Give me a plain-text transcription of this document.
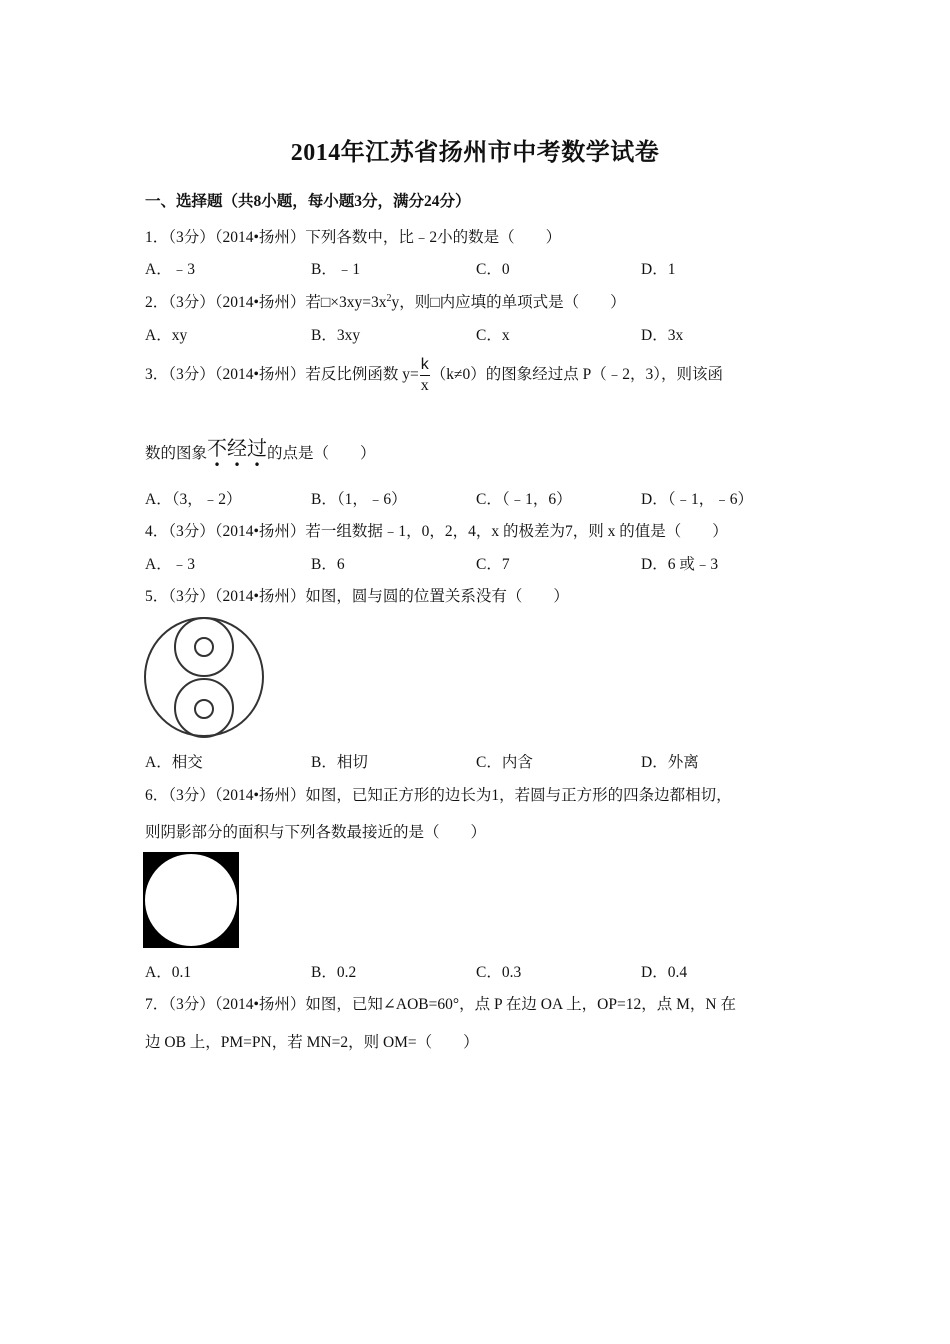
2014年江苏省扬州市中考数学试卷
一、选择题（共8小题，每小题3分，满分24分）
1．（3分）（2014•扬州）下列各数中，比﹣2小的数是（　　）
A．﹣3	B．﹣1	C．0	D．1
2．（3分）（2014•扬州）若$□\times 3xy=3x^2y$，则□内应填的单项式是（　　）
A．xy	B．3xy	C．x	D．3x
3．（3分）（2014•扬州）若反比例函数 $y= \frac{k}{x} (k\ne 0)$的图象经过点 P（﹣2，3），则该函
数的图象不经过
• • •
的点是（　　）
A．（3，﹣2）	B．（1，﹣6）	C．（﹣1，6）	D．（﹣1，﹣6）
4．（3分）（2014•扬州）若一组数据﹣1，0，2，4，x 的极差为7，则 x 的值是（　　）
A．﹣3	B．6	C．7	D．6 或﹣3
5．（3分）（2014•扬州）如图，圆与圆的位置关系没有（　　）
A．相交	B．相切	C．内含	D．外离
6．（3分）（2014•扬州）如图，已知正方形的边长为1，若圆与正方形的四条边都相切，
则阴影部分的面积与下列各数最接近的是（　　）
A．0.1	B．0.2	C．0.3	D．0.4
7．（3分）（2014•扬州）如图，已知∠AOB=60°，点 P 在边 OA 上，OP=12，点 M，N 在
边 OB 上，PM=PN，若 MN=2，则 OM=（　　）
